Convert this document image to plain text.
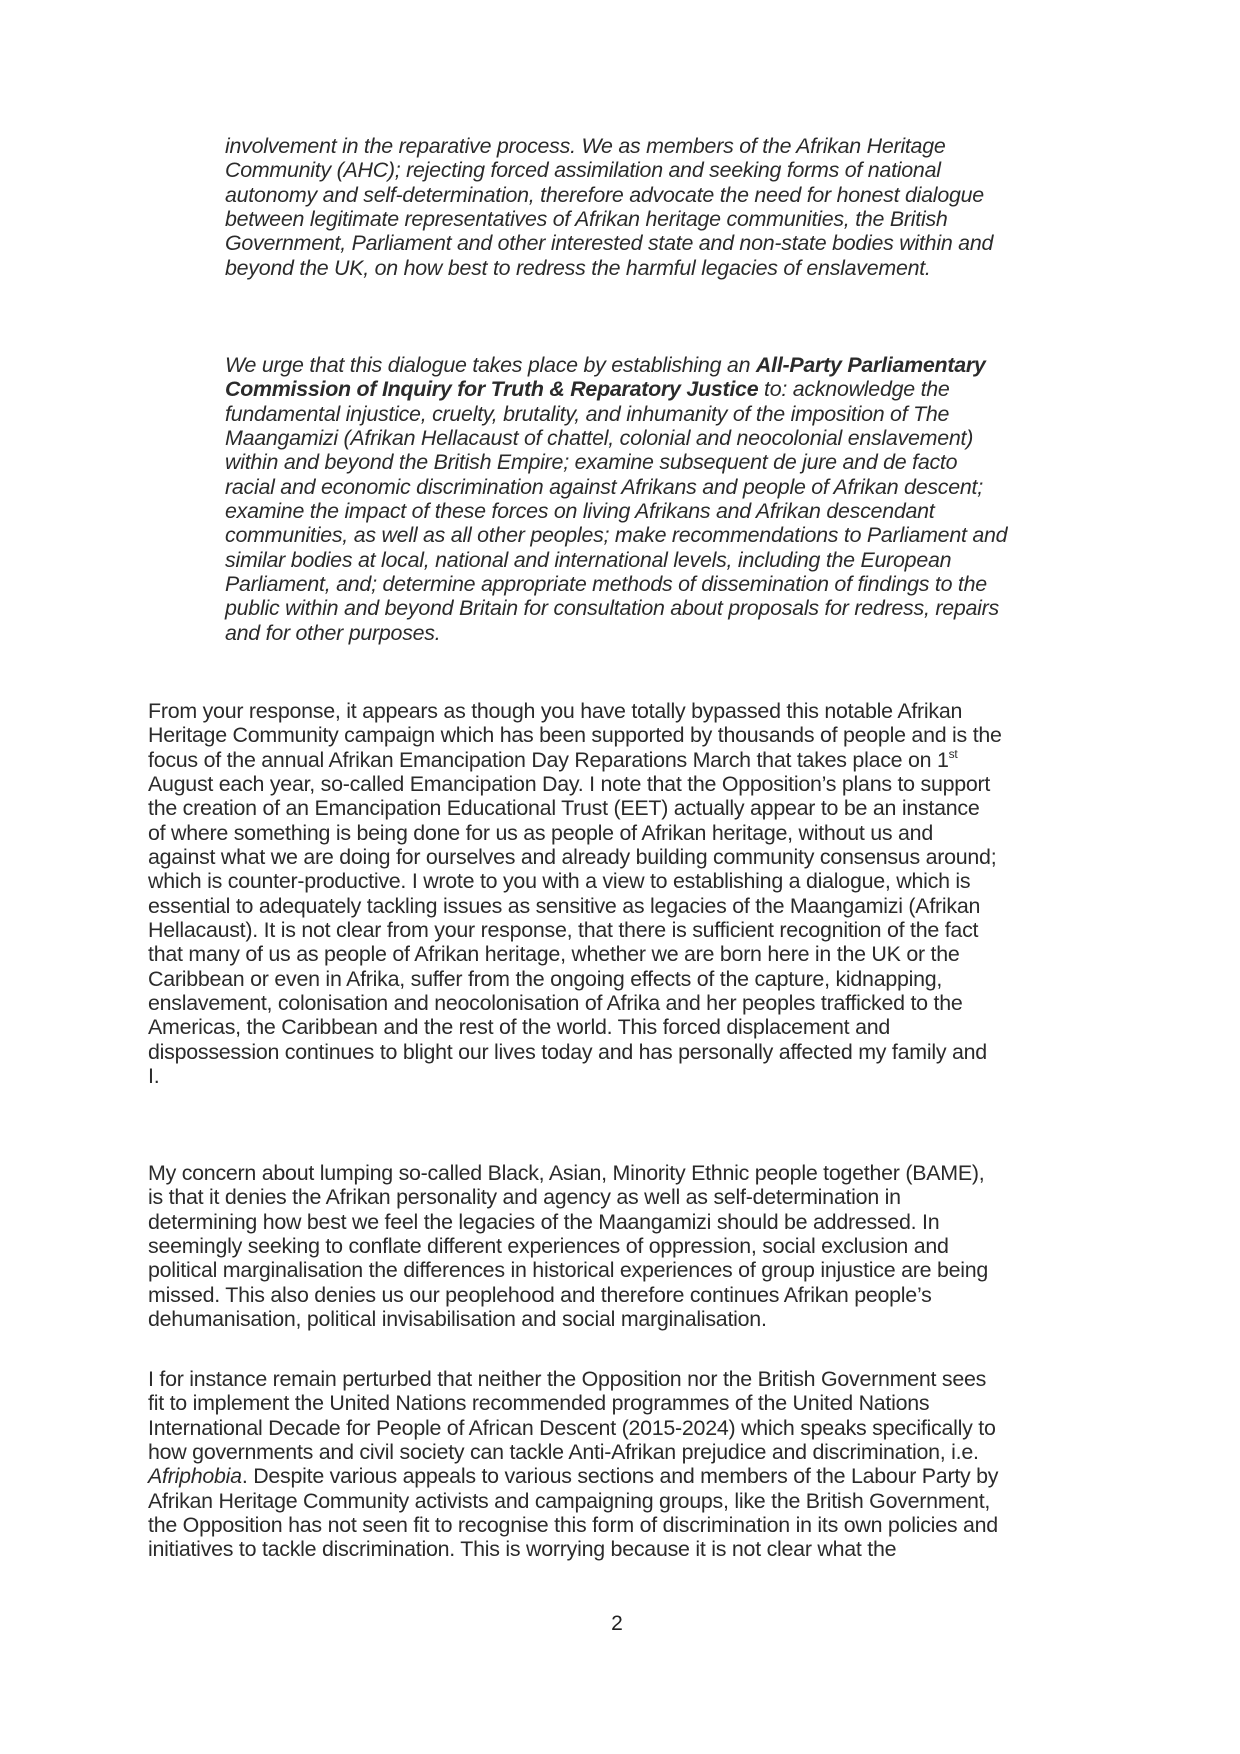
involvement in the reparative process. We as members of the Afrikan Heritage
Community (AHC); rejecting forced assimilation and seeking forms of national
autonomy and self-determination, therefore advocate the need for honest dialogue
between legitimate representatives of Afrikan heritage communities, the British
Government, Parliament and other interested state and non-state bodies within and
beyond the UK, on how best to redress the harmful legacies of enslavement.
We urge that this dialogue takes place by establishing an All-Party Parliamentary
Commission of Inquiry for Truth & Reparatory Justice to: acknowledge the
fundamental injustice, cruelty, brutality, and inhumanity of the imposition of The
Maangamizi (Afrikan Hellacaust of chattel, colonial and neocolonial enslavement)
within and beyond the British Empire; examine subsequent de jure and de facto
racial and economic discrimination against Afrikans and people of Afrikan descent;
examine the impact of these forces on living Afrikans and Afrikan descendant
communities, as well as all other peoples; make recommendations to Parliament and
similar bodies at local, national and international levels, including the European
Parliament, and; determine appropriate methods of dissemination of findings to the
public within and beyond Britain for consultation about proposals for redress, repairs
and for other purposes.
From your response, it appears as though you have totally bypassed this notable Afrikan
Heritage Community campaign which has been supported by thousands of people and is the
focus of the annual Afrikan Emancipation Day Reparations March that takes place on 1st
August each year, so-called Emancipation Day. I note that the Opposition’s plans to support
the creation of an Emancipation Educational Trust (EET) actually appear to be an instance
of where something is being done for us as people of Afrikan heritage, without us and
against what we are doing for ourselves and already building community consensus around;
which is counter-productive. I wrote to you with a view to establishing a dialogue, which is
essential to adequately tackling issues as sensitive as legacies of the Maangamizi (Afrikan
Hellacaust). It is not clear from your response, that there is sufficient recognition of the fact
that many of us as people of Afrikan heritage, whether we are born here in the UK or the
Caribbean or even in Afrika, suffer from the ongoing effects of the capture, kidnapping,
enslavement, colonisation and neocolonisation of Afrika and her peoples trafficked to the
Americas, the Caribbean and the rest of the world. This forced displacement and
dispossession continues to blight our lives today and has personally affected my family and
I.
My concern about lumping so-called Black, Asian, Minority Ethnic people together (BAME),
is that it denies the Afrikan personality and agency as well as self-determination in
determining how best we feel the legacies of the Maangamizi should be addressed. In
seemingly seeking to conflate different experiences of oppression, social exclusion and
political marginalisation the differences in historical experiences of group injustice are being
missed. This also denies us our peoplehood and therefore continues Afrikan people’s
dehumanisation, political invisabilisation and social marginalisation.
I for instance remain perturbed that neither the Opposition nor the British Government sees
fit to implement the United Nations recommended programmes of the United Nations
International Decade for People of African Descent (2015-2024) which speaks specifically to
how governments and civil society can tackle Anti-Afrikan prejudice and discrimination, i.e.
Afriphobia. Despite various appeals to various sections and members of the Labour Party by
Afrikan Heritage Community activists and campaigning groups, like the British Government,
the Opposition has not seen fit to recognise this form of discrimination in its own policies and
initiatives to tackle discrimination. This is worrying because it is not clear what the
2
